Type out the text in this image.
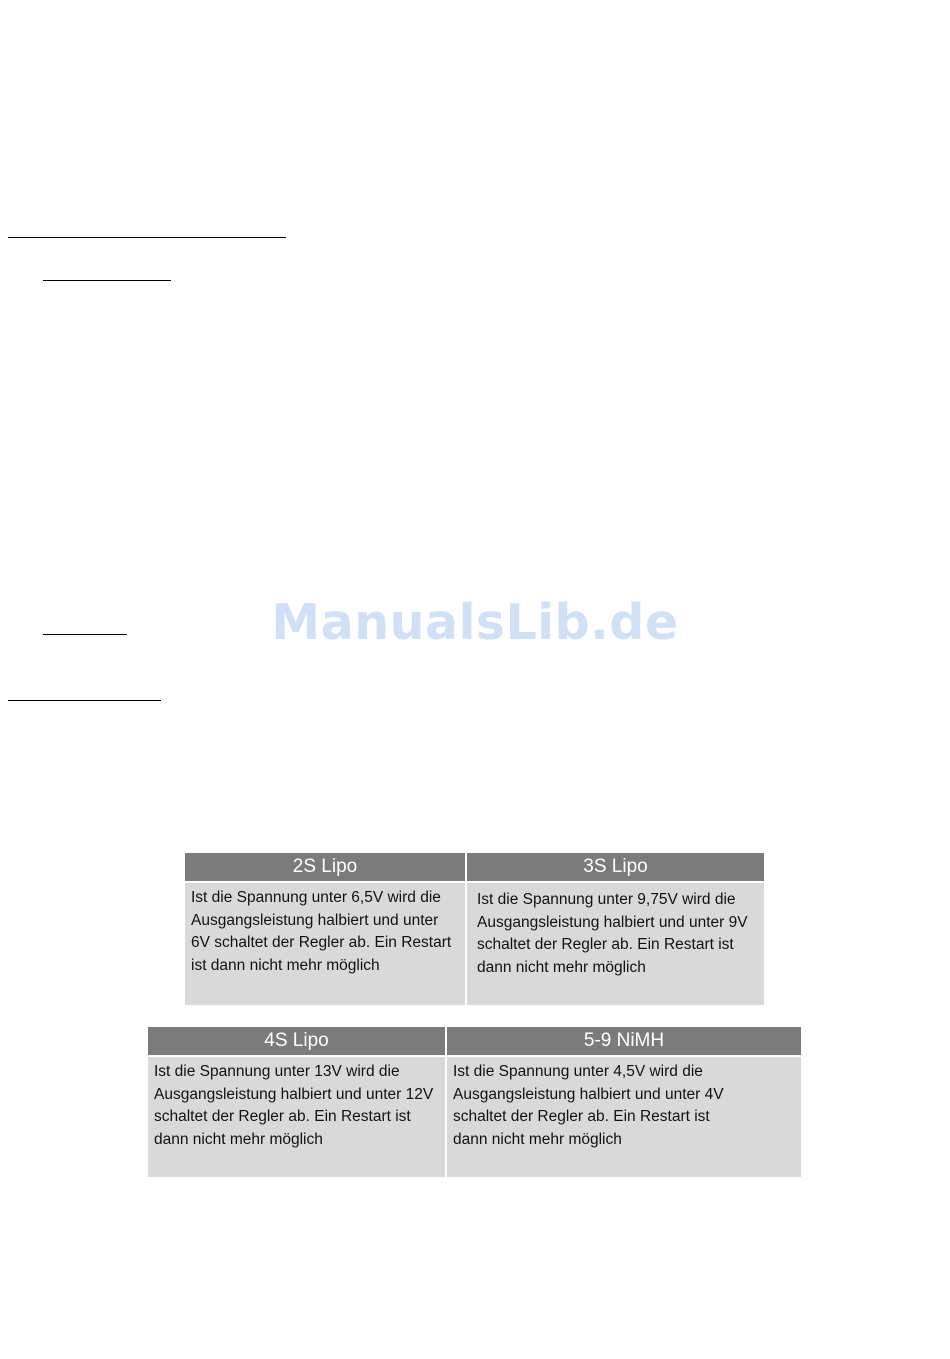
ManualsLib.de
2S Lipo	3S Lipo
Ist die Spannung unter 6,5V wird die Ausgangsleistung halbiert und unter 6V schaltet der Regler ab. Ein Restart ist dann nicht mehr möglich	Ist die Spannung unter 9,75V wird die Ausgangsleistung halbiert und unter 9V schaltet der Regler ab. Ein Restart ist dann nicht mehr möglich
4S Lipo	5-9 NiMH
Ist die Spannung unter 13V wird die Ausgangsleistung halbiert und unter 12V schaltet der Regler ab. Ein Restart ist dann nicht mehr möglich	Ist die Spannung unter 4,5V wird die Ausgangsleistung halbiert und unter 4V schaltet der Regler ab. Ein Restart ist dann nicht mehr möglich
